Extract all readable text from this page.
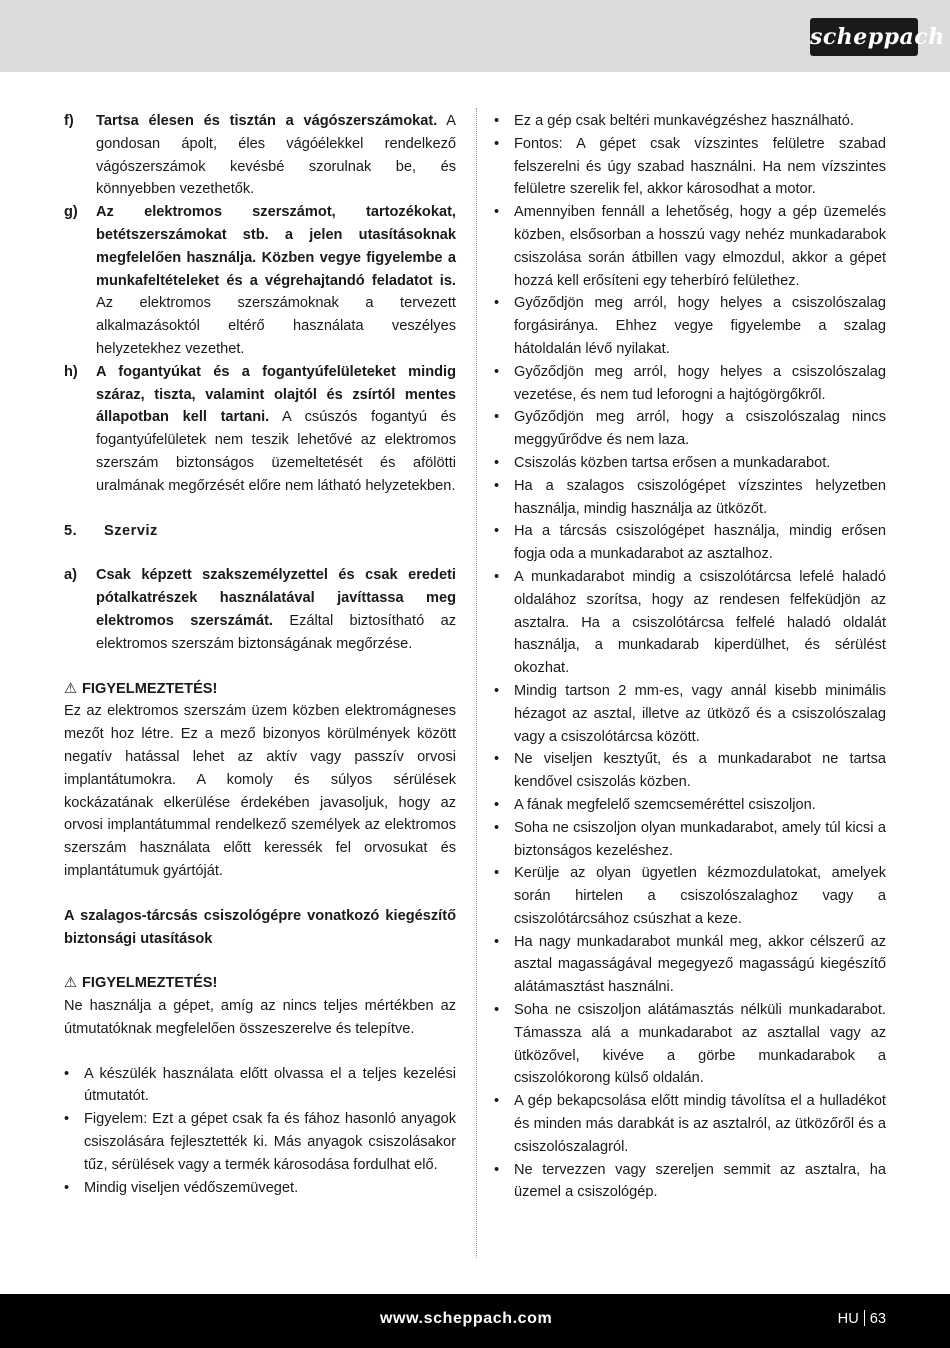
scheppach
f)	Tartsa élesen és tisztán a vágószerszámokat. A gondosan ápolt, éles vágóélekkel rendelkező vágószerszámok kevésbé szorulnak be, és könnyebben vezethetők.

g)	Az elektromos szerszámot, tartozékokat, betétszerszámokat stb. a jelen utasításoknak megfelelően használja. Közben vegye figyelembe a munkafeltételeket és a végrehajtandó feladatot is. Az elektromos szerszámoknak a tervezett alkalmazásoktól eltérő használata veszélyes helyzetekhez vezethet.

h)	A fogantyúkat és a fogantyúfelületeket mindig száraz, tiszta, valamint olajtól és zsírtól mentes állapotban kell tartani. A csúszós fogantyú és fogantyúfelületek nem teszik lehetővé az elektromos szerszám biztonságos üzemeltetését és afölötti uralmának megőrzését előre nem látható helyzetekben.

5.	Szerviz
a)	Csak képzett szakszemélyzettel és csak eredeti pótalkatrészek használatával javíttassa meg elektromos szerszámát. Ezáltal biztosítható az elektromos szerszám biztonságának megőrzése.

⚠ FIGYELMEZTETÉS!

Ez az elektromos szerszám üzem közben elektromágneses mezőt hoz létre. Ez a mező bizonyos körülmények között negatív hatással lehet az aktív vagy passzív orvosi implantátumokra. A komoly és súlyos sérülések kockázatának elkerülése érdekében javasoljuk, hogy az orvosi implantátummal rendelkező személyek az elektromos szerszám használata előtt keressék fel orvosukat és implantátumuk gyártóját.

A szalagos-tárcsás csiszológépre vonatkozó kiegészítő biztonsági utasítások

⚠ FIGYELMEZTETÉS!

Ne használja a gépet, amíg az nincs teljes mértékben az útmutatóknak megfelelően összeszerelve és telepítve.

•	A készülék használata előtt olvassa el a teljes kezelési útmutatót.
•	Figyelem: Ezt a gépet csak fa és fához hasonló anyagok csiszolására fejlesztették ki. Más anyagok csiszolásakor tűz, sérülések vagy a termék károsodása fordulhat elő.
•	Mindig viseljen védőszemüveget.
•	Ez a gép csak beltéri munkavégzéshez használható.
•	Fontos: A gépet csak vízszintes felületre szabad felszerelni és úgy szabad használni. Ha nem vízszintes felületre szerelik fel, akkor károsodhat a motor.
•	Amennyiben fennáll a lehetőség, hogy a gép üzemelés közben, elsősorban a hosszú vagy nehéz munkadarabok csiszolása során átbillen vagy elmozdul, akkor a gépet hozzá kell erősíteni egy teherbíró felülethez.
•	Győződjön meg arról, hogy helyes a csiszolószalag forgásiránya. Ehhez vegye figyelembe a szalag hátoldalán lévő nyilakat.
•	Győződjön meg arról, hogy helyes a csiszolószalag vezetése, és nem tud leforogni a hajtógörgőkről.
•	Győződjön meg arról, hogy a csiszolószalag nincs meggyűrődve és nem laza.
•	Csiszolás közben tartsa erősen a munkadarabot.
•	Ha a szalagos csiszológépet vízszintes helyzetben használja, mindig használja az ütközőt.
•	Ha a tárcsás csiszológépet használja, mindig erősen fogja oda a munkadarabot az asztalhoz.
•	A munkadarabot mindig a csiszolótárcsa lefelé haladó oldalához szorítsa, hogy az rendesen felfeküdjön az asztalra. Ha a csiszolótárcsa felfelé haladó oldalát használja, a munkadarab kiperdülhet, és sérülést okozhat.
•	Mindig tartson 2 mm-es, vagy annál kisebb minimális hézagot az asztal, illetve az ütköző és a csiszolószalag vagy a csiszolótárcsa között.
•	Ne viseljen kesztyűt, és a munkadarabot ne tartsa kendővel csiszolás közben.
•	A fának megfelelő szemcseméréttel csiszoljon.
•	Soha ne csiszoljon olyan munkadarabot, amely túl kicsi a biztonságos kezeléshez.
•	Kerülje az olyan ügyetlen kézmozdulatokat, amelyek során hirtelen a csiszolószalaghoz vagy a csiszolótárcsához csúszhat a keze.
•	Ha nagy munkadarabot munkál meg, akkor célszerű az asztal magasságával megegyező magasságú kiegészítő alátámasztást használni.
•	Soha ne csiszoljon alátámasztás nélküli munkadarabot. Támassza alá a munkadarabot az asztallal vagy az ütközővel, kivéve a görbe munkadarabok a csiszolókorong külső oldalán.
•	A gép bekapcsolása előtt mindig távolítsa el a hulladékot és minden más darabkát is az asztalról, az ütközőről és a csiszolószalagról.
•	Ne tervezzen vagy szereljen semmit az asztalra, ha üzemel a csiszológép.
www.scheppach.com	HU 63
